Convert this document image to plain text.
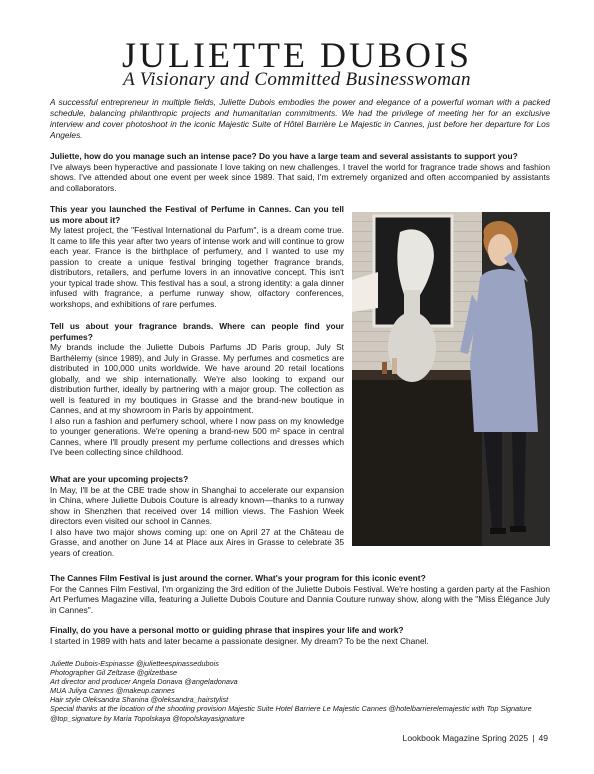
JULIETTE DUBOIS
A Visionary and Committed Businesswoman

A successful entrepreneur in multiple fields, Juliette Dubois embodies the power and elegance of a powerful woman with a packed schedule, balancing philanthropic projects and humanitarian commitments. We had the privilege of meeting her for an exclusive interview and cover photoshoot in the iconic Majestic Suite of Hôtel Barrière Le Majestic in Cannes, just before her departure for Los Angeles.

Juliette, how do you manage such an intense pace? Do you have a large team and several assistants to support you?

I've always been hyperactive and passionate I love taking on new challenges. I travel the world for fragrance trade shows and fashion shows. I've attended about one event per week since 1989. That said, I'm extremely organized and often accompanied by assistants and collaborators.

This year you launched the Festival of Perfume in Cannes. Can you tell us more about it?

My latest project, the "Festival International du Parfum", is a dream come true. It came to life this year after two years of intense work and will continue to grow each year. France is the birthplace of perfumery, and I wanted to use my passion to create a unique festival bringing together fragrance brands, distributors, retailers, and perfume lovers in an innovative concept. This isn't your typical trade show. This festival has a soul, a strong identity: a gala dinner infused with fragrance, a perfume runway show, olfactory conferences, workshops, and exhibitions of rare perfumes.

Tell us about your fragrance brands. Where can people find your perfumes?

My brands include the Juliette Dubois Parfums JD Paris group, July St Barthélemy (since 1989), and July in Grasse. My perfumes and cosmetics are distributed in 100,000 units worldwide. We have around 20 retail locations globally, and we ship internationally. We're also looking to expand our distribution further, ideally by partnering with a major group. The collection as well is featured in my boutiques in Grasse and the brand-new boutique in Cannes, and at my showroom in Paris by appointment.

I also run a fashion and perfumery school, where I now pass on my knowledge to younger generations. We're opening a brand-new 500 m² space in central Cannes, where I'll proudly present my perfume collections and dresses which I've been collecting since childhood.

What are your upcoming projects?

In May, I'll be at the CBE trade show in Shanghai to accelerate our expansion in China, where Juliette Dubois Couture is already known—thanks to a runway show in Shenzhen that received over 14 million views. The Fashion Week directors even visited our school in Cannes.

I also have two major shows coming up: one on April 27 at the Château de Grasse, and another on June 14 at Place aux Aires in Grasse to celebrate 35 years of creation.

The Cannes Film Festival is just around the corner. What's your program for this iconic event?

For the Cannes Film Festival, I'm organizing the 3rd edition of the Juliette Dubois Festival. We're hosting a garden party at the Fashion Art Perfumes Magazine villa, featuring a Juliette Dubois Couture and Dannia Couture runway show, along with the "Miss Élégance July in Cannes".

Finally, do you have a personal motto or guiding phrase that inspires your life and work?

I started in 1989 with hats and later became a passionate designer. My dream? To be the next Chanel.

Juliette Dubois-Espinasse @julietteespinassedubois
Photographer Gil Zeltzase @gilzetbase
Art director and producer Angela Donava @angeladonava
MUA Juliya Cannes @makeup.cannes
Hair style Oleksandra Shanina @oleksandra_hairstylist
Special thanks at the location of the shooting provision Majestic Suite Hotel Barriere Le Majestic Cannes @hotelbarrierelemajestic with Top Signature @top_signature by Maria Topolskaya @topolskayasignature
Lookbook Magazine Spring 2025 | 49
